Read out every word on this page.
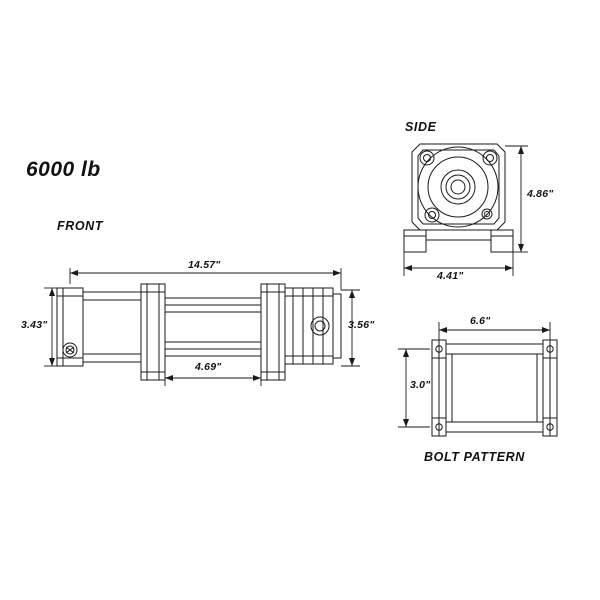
6000 lb
FRONT
SIDE
BOLT PATTERN
14.57"
3.43"	3.56"
4.69"
4.86"
4.41"
6.6"
3.0"
